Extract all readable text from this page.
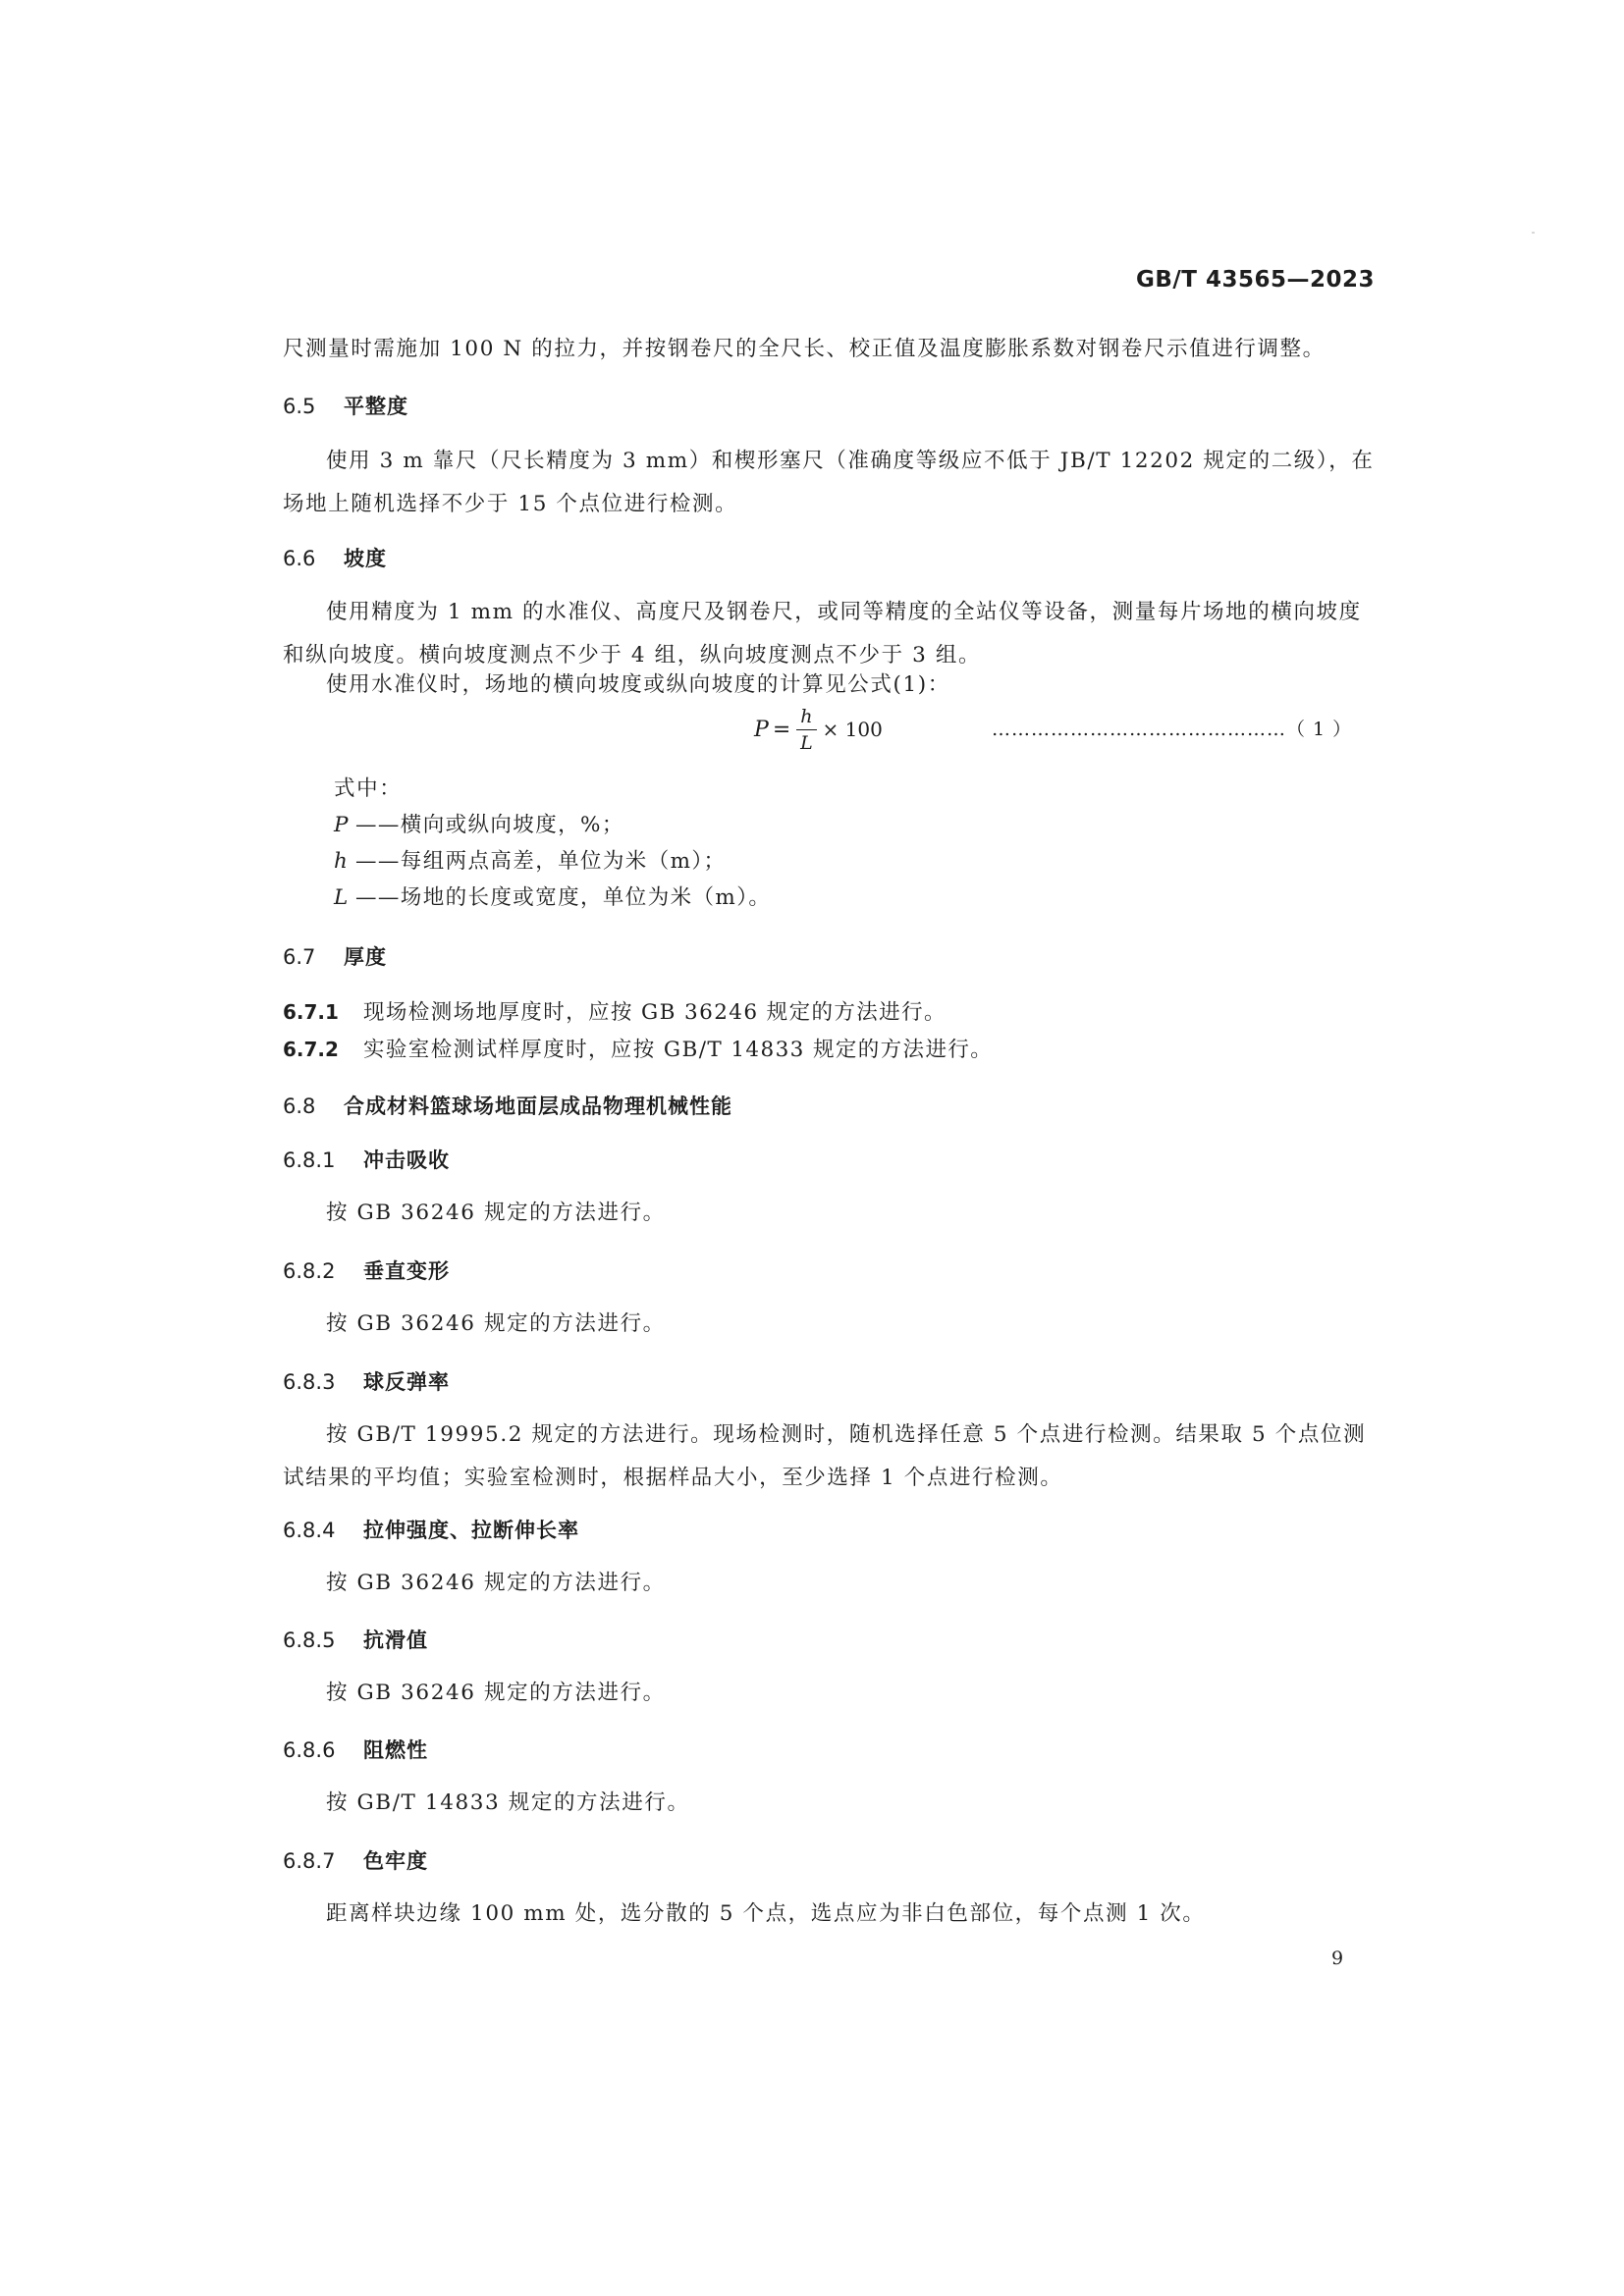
GB/T 43565—2023
尺测量时需施加 100 N 的拉力，并按钢卷尺的全尺长、校正值及温度膨胀系数对钢卷尺示值进行调整。
6.5 平整度
使用 3 m 靠尺（尺长精度为 3 mm）和楔形塞尺（准确度等级应不低于 JB/T 12202 规定的二级），在场地上随机选择不少于 15 个点位进行检测。
6.6 坡度
使用精度为 1 mm 的水准仪、高度尺及钢卷尺，或同等精度的全站仪等设备，测量每片场地的横向坡度和纵向坡度。横向坡度测点不少于 4 组，纵向坡度测点不少于 3 组。
使用水准仪时，场地的横向坡度或纵向坡度的计算见公式(1)：
$P = \frac{h}{L} \times 100$	………………………………………（ 1 ）
式中：
P ——横向或纵向坡度，%；
h ——每组两点高差，单位为米（m）；
L ——场地的长度或宽度，单位为米（m）。
6.7 厚度
6.7.1 现场检测场地厚度时，应按 GB 36246 规定的方法进行。
6.7.2 实验室检测试样厚度时，应按 GB/T 14833 规定的方法进行。
6.8 合成材料篮球场地面层成品物理机械性能
6.8.1 冲击吸收
按 GB 36246 规定的方法进行。
6.8.2 垂直变形
按 GB 36246 规定的方法进行。
6.8.3 球反弹率
按 GB/T 19995.2 规定的方法进行。现场检测时，随机选择任意 5 个点进行检测。结果取 5 个点位测试结果的平均值；实验室检测时，根据样品大小，至少选择 1 个点进行检测。
6.8.4 拉伸强度、拉断伸长率
按 GB 36246 规定的方法进行。
6.8.5 抗滑值
按 GB 36246 规定的方法进行。
6.8.6 阻燃性
按 GB/T 14833 规定的方法进行。
6.8.7 色牢度
距离样块边缘 100 mm 处，选分散的 5 个点，选点应为非白色部位，每个点测 1 次。
9
